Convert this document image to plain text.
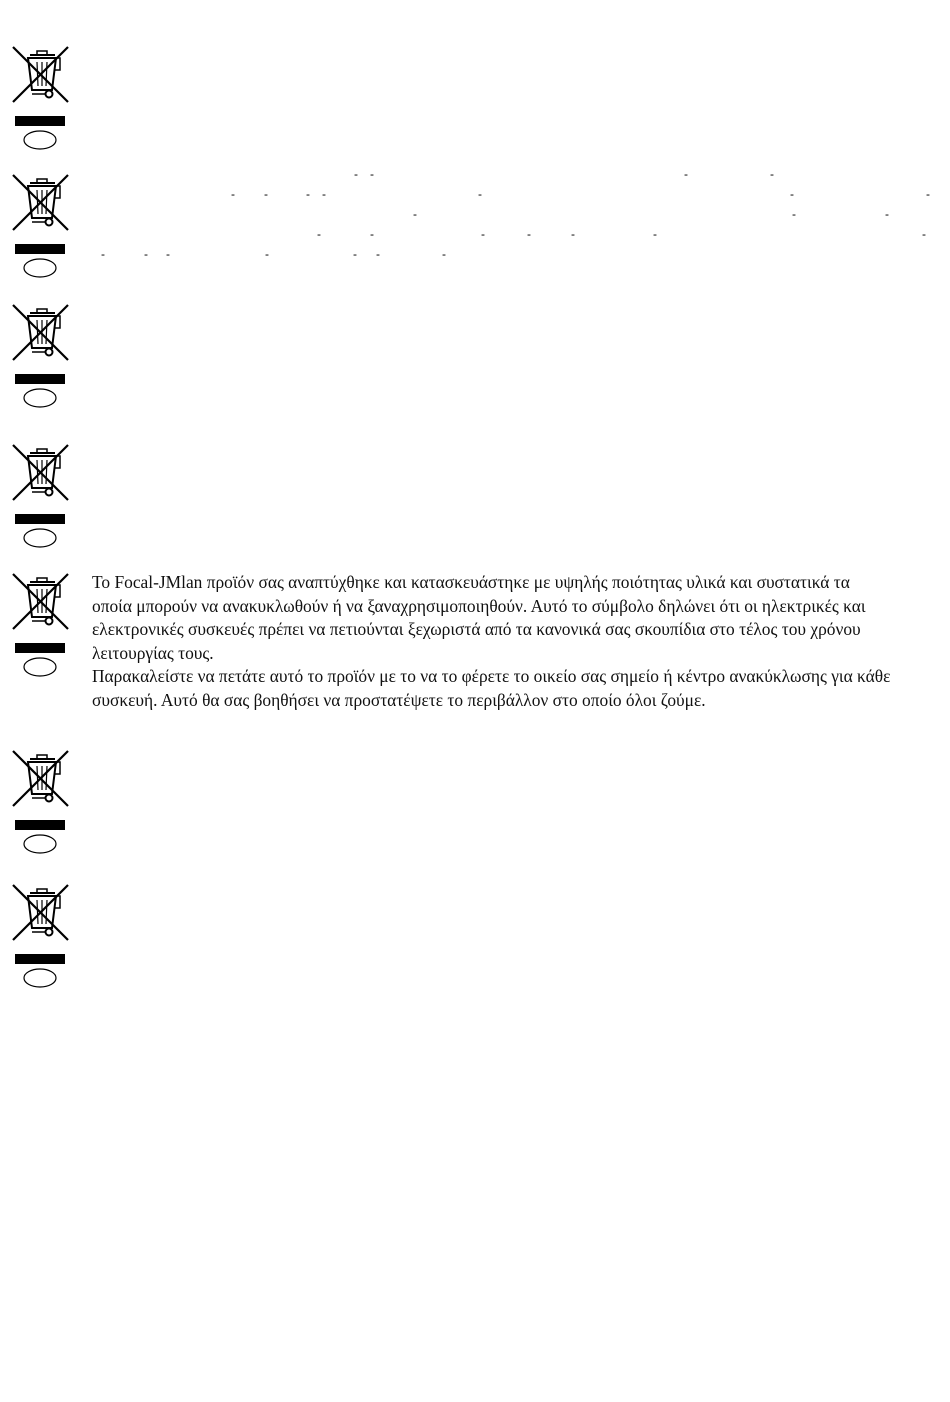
- -	-	-
- -	- -	-	-	-
-	-	-
-	-	-	-	-	-	-
-	- -	-	- -	-

Το Focal-JMlan προϊόν σας αναπτύχθηκε και κατασκευάστηκε με υψηλής ποιότητας υλικά και συστατικά τα οποία μπορούν να ανακυκλωθούν ή να ξαναχρησιμοποιηθούν. Αυτό το σύμβολο δηλώνει ότι οι ηλεκτρικές και ελεκτρονικές συσκευές πρέπει να πετιούνται ξεχωριστά από τα κανονικά σας σκουπίδια στο τέλος του χρόνου λειτουργίας τους.

Παρακαλείστε να πετάτε αυτό το προϊόν με το να το φέρετε το οικείο σας σημείο ή κέντρο ανακύκλωσης για κάθε συσκευή. Αυτό θα σας βοηθήσει να προστατέψετε το περιβάλλον στο οποίο όλοι ζούμε.
